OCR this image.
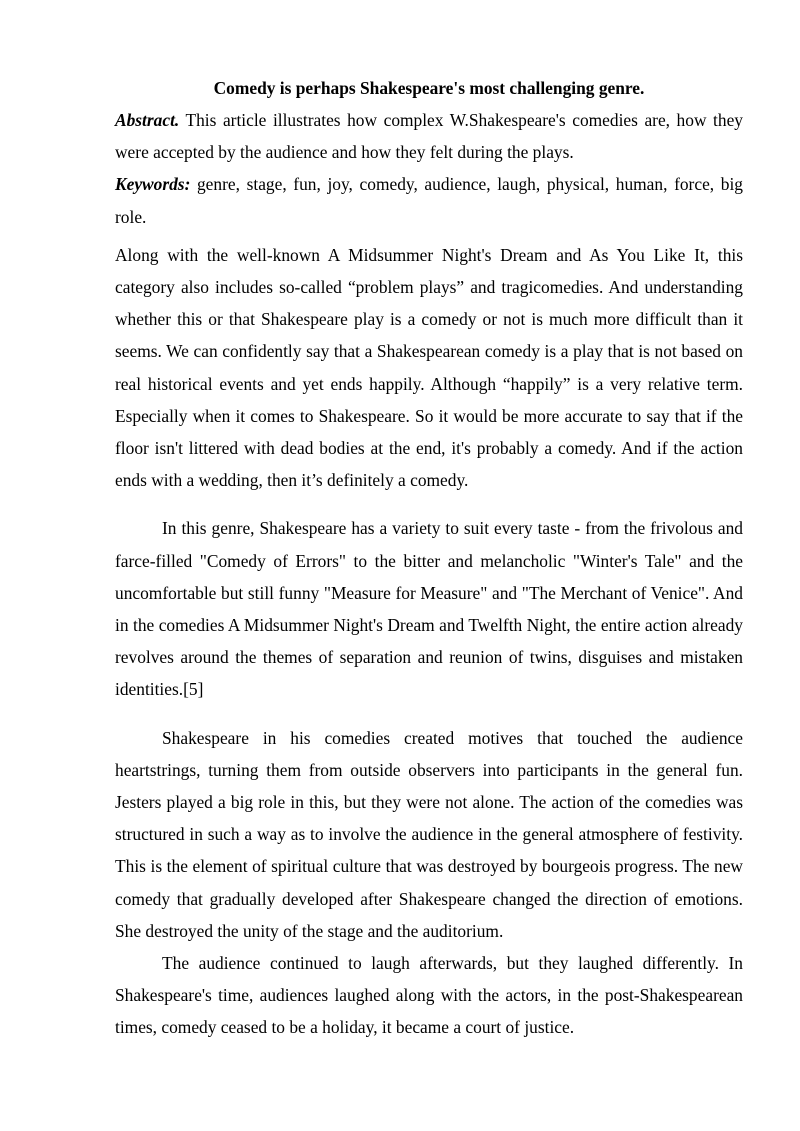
Comedy is perhaps Shakespeare's most challenging genre.

Abstract. This article illustrates how complex W.Shakespeare's comedies are, how they were accepted by the audience and how they felt during the plays.

Keywords: genre, stage, fun, joy, comedy, audience, laugh, physical, human, force, big role.

Along with the well-known A Midsummer Night's Dream and As You Like It, this category also includes so-called “problem plays” and tragicomedies. And understanding whether this or that Shakespeare play is a comedy or not is much more difficult than it seems. We can confidently say that a Shakespearean comedy is a play that is not based on real historical events and yet ends happily. Although “happily” is a very relative term. Especially when it comes to Shakespeare. So it would be more accurate to say that if the floor isn't littered with dead bodies at the end, it's probably a comedy. And if the action ends with a wedding, then it’s definitely a comedy.

In this genre, Shakespeare has a variety to suit every taste - from the frivolous and farce-filled "Comedy of Errors" to the bitter and melancholic "Winter's Tale" and the uncomfortable but still funny "Measure for Measure" and "The Merchant of Venice". And in the comedies A Midsummer Night's Dream and Twelfth Night, the entire action already revolves around the themes of separation and reunion of twins, disguises and mistaken identities.[5]

Shakespeare in his comedies created motives that touched the audience heartstrings, turning them from outside observers into participants in the general fun. Jesters played a big role in this, but they were not alone. The action of the comedies was structured in such a way as to involve the audience in the general atmosphere of festivity. This is the element of spiritual culture that was destroyed by bourgeois progress. The new comedy that gradually developed after Shakespeare changed the direction of emotions. She destroyed the unity of the stage and the auditorium.

The audience continued to laugh afterwards, but they laughed differently. In Shakespeare's time, audiences laughed along with the actors, in the post-Shakespearean times, comedy ceased to be a holiday, it became a court of justice.
